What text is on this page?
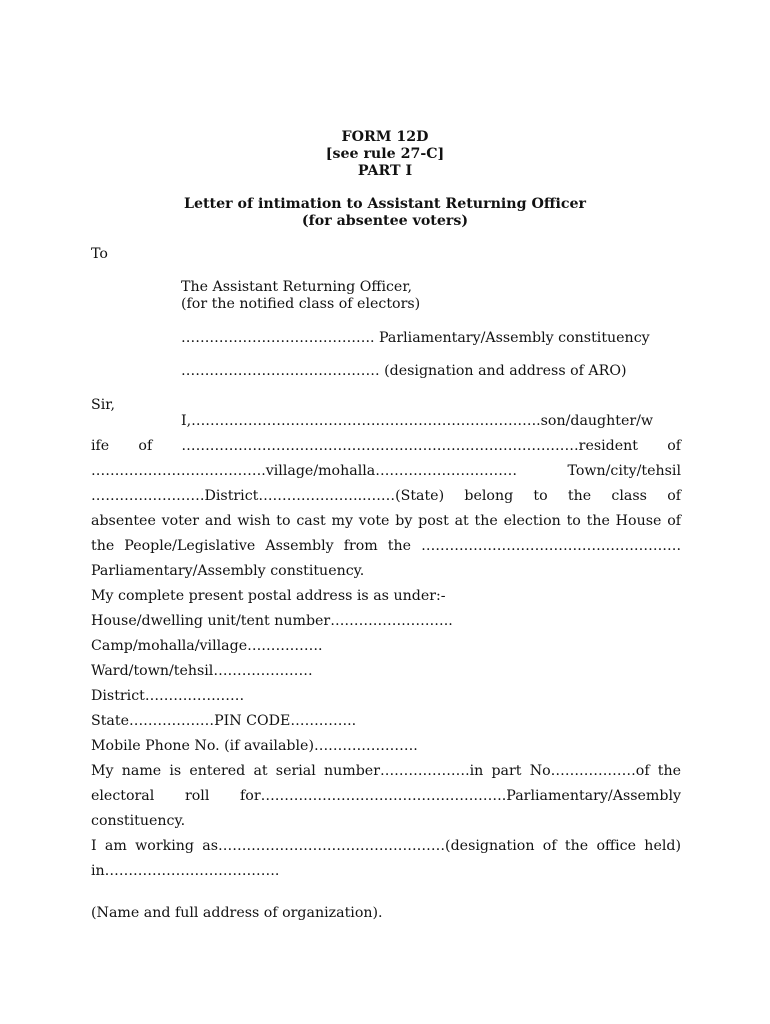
FORM 12D
[see rule 27-C]
PART I
Letter of intimation to Assistant Returning Officer
(for absentee voters)
To
The Assistant Returning Officer,
(for the notified class of electors)
………………………………….. Parliamentary/Assembly constituency
…………………………………… (designation and address of ARO)
Sir,
I,………………………………………………………………..son/daughter/w
ife of …………………………………………………………………………resident of
……………………………….village/mohalla………………………… Town/city/tehsil
……………………District…………………..……(State) belong to the class of
absentee voter and wish to cast my vote by post at the election to the House of
the People/Legislative Assembly from the ……………………………………………….
Parliamentary/Assembly constituency.
My complete present postal address is as under:-
House/dwelling unit/tent number……………………..
Camp/mohalla/village…………….
Ward/town/tehsil…………………
District…………………
State………………PIN CODE…………..
Mobile Phone No. (if available)………………….
My name is entered at serial number……………….in part No………………of the
electoral roll for…………………………………………….Parliamentary/Assembly
constituency.
I am working as…………………………………………(designation of the office held)
in……………………………….
(Name and full address of organization).
